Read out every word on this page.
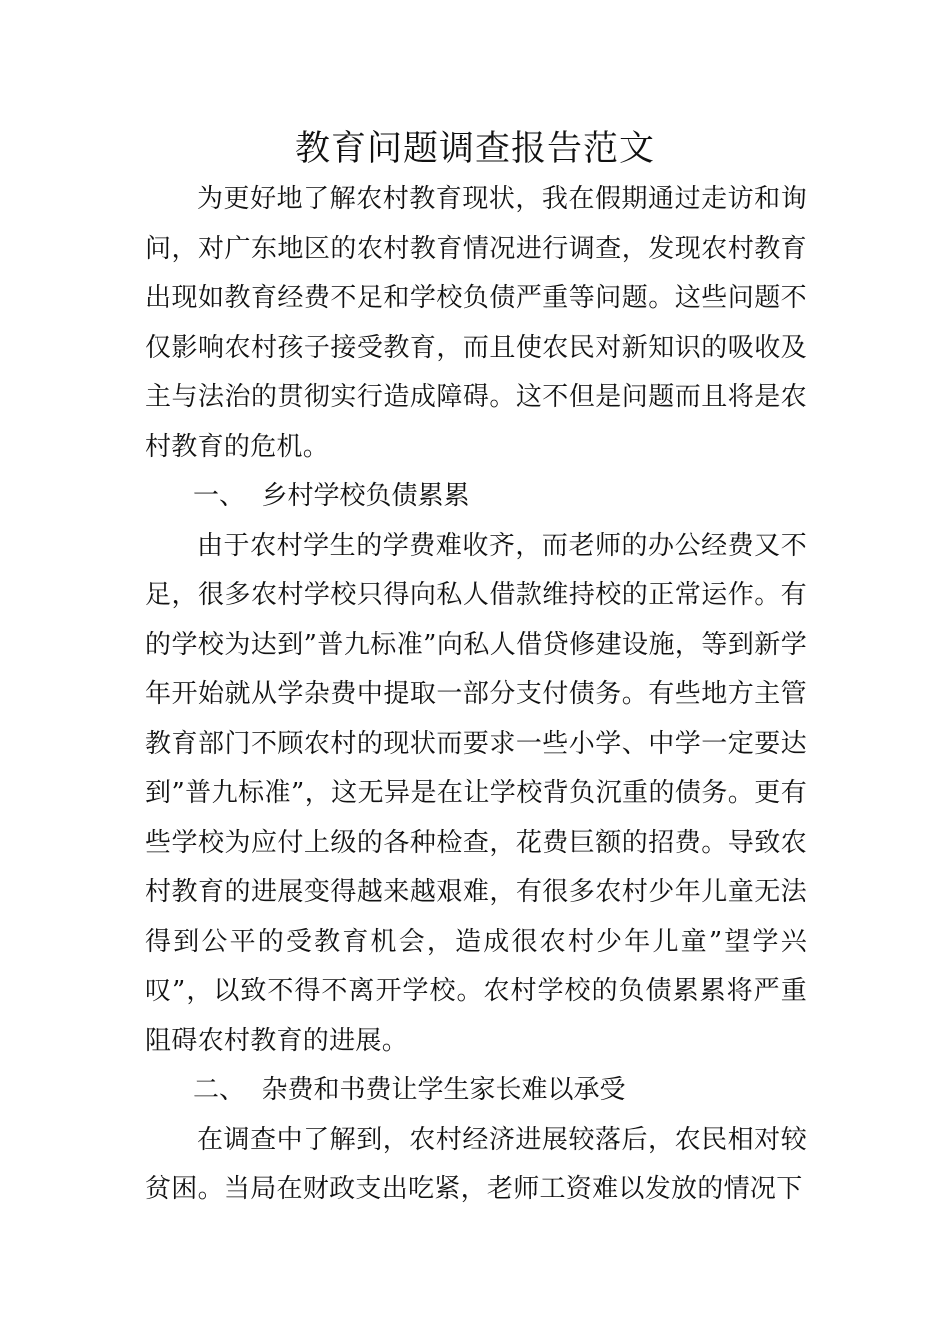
教育问题调查报告范文

为更好地了解农村教育现状，我在假期通过走访和询问，对广东地区的农村教育情况进行调查，发现农村教育出现如教育经费不足和学校负债严重等问题。这些问题不仅影响农村孩子接受教育，而且使农民对新知识的吸收及主与法治的贯彻实行造成障碍。这不但是问题而且将是农村教育的危机。

一、  乡村学校负债累累

由于农村学生的学费难收齐，而老师的办公经费又不足，很多农村学校只得向私人借款维持校的正常运作。有的学校为达到”普九标准”向私人借贷修建设施，等到新学年开始就从学杂费中提取一部分支付债务。有些地方主管教育部门不顾农村的现状而要求一些小学、中学一定要达到”普九标准”，这无异是在让学校背负沉重的债务。更有些学校为应付上级的各种检查，花费巨额的招费。导致农村教育的进展变得越来越艰难，有很多农村少年儿童无法得到公平的受教育机会，造成很农村少年儿童”望学兴叹”，以致不得不离开学校。农村学校的负债累累将严重阻碍农村教育的进展。

二、  杂费和书费让学生家长难以承受

在调查中了解到，农村经济进展较落后，农民相对较贫困。当局在财政支出吃紧，老师工资难以发放的情况下
